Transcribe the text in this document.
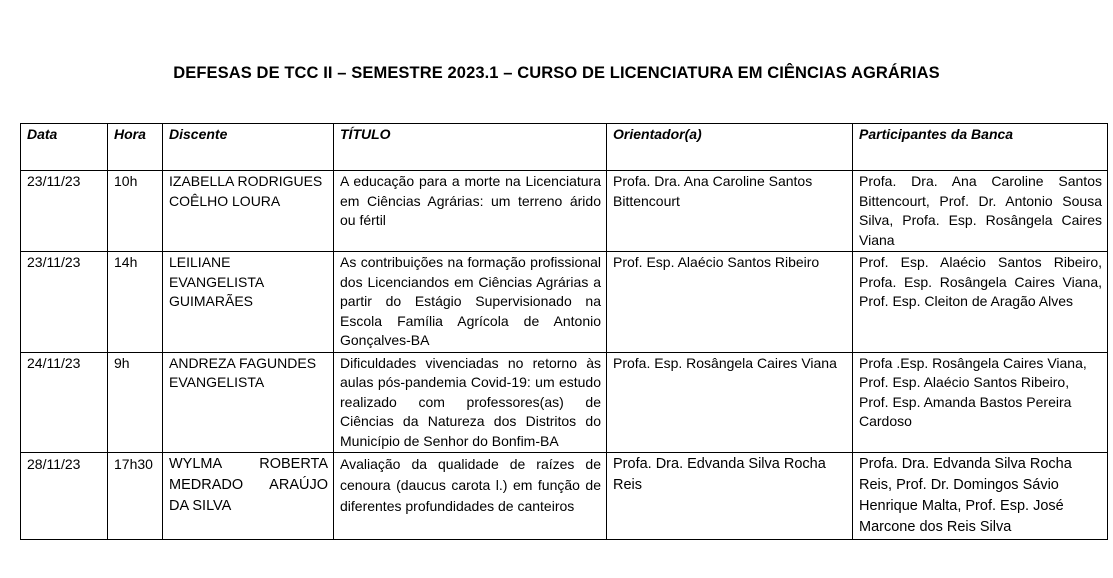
DEFESAS DE TCC II – SEMESTRE 2023.1 – CURSO DE LICENCIATURA EM CIÊNCIAS AGRÁRIAS
Data	Hora	Discente	TÍTULO	Orientador(a)	Participantes da Banca
23/11/23	10h	IZABELLA RODRIGUES COÊLHO LOURA	A educação para a morte na Licenciatura em Ciências Agrárias: um terreno árido ou fértil	Profa. Dra. Ana Caroline Santos Bittencourt	Profa. Dra. Ana Caroline Santos Bittencourt, Prof. Dr. Antonio Sousa Silva, Profa. Esp. Rosângela Caires Viana
23/11/23	14h	LEILIANE EVANGELISTA GUIMARÃES	As contribuições na formação profissional dos Licenciandos em Ciências Agrárias a partir do Estágio Supervisionado na Escola Família Agrícola de Antonio Gonçalves-BA	Prof. Esp. Alaécio Santos Ribeiro	Prof. Esp. Alaécio Santos Ribeiro, Profa. Esp. Rosângela Caires Viana, Prof. Esp. Cleiton de Aragão Alves
24/11/23	9h	ANDREZA FAGUNDES EVANGELISTA	Dificuldades vivenciadas no retorno às aulas pós-pandemia Covid-19: um estudo realizado com professores(as) de Ciências da Natureza dos Distritos do Município de Senhor do Bonfim-BA	Profa. Esp. Rosângela Caires Viana	Profa .Esp. Rosângela Caires Viana, Prof. Esp. Alaécio Santos Ribeiro, Prof. Esp. Amanda Bastos Pereira Cardoso
28/11/23	17h30	WYLMA ROBERTA MEDRADO ARAÚJO DA SILVA	Avaliação da qualidade de raízes de cenoura (daucus carota l.) em função de diferentes profundidades de canteiros	Profa. Dra. Edvanda Silva Rocha Reis	Profa. Dra. Edvanda Silva Rocha Reis, Prof. Dr. Domingos Sávio Henrique Malta, Prof. Esp. José Marcone dos Reis Silva
